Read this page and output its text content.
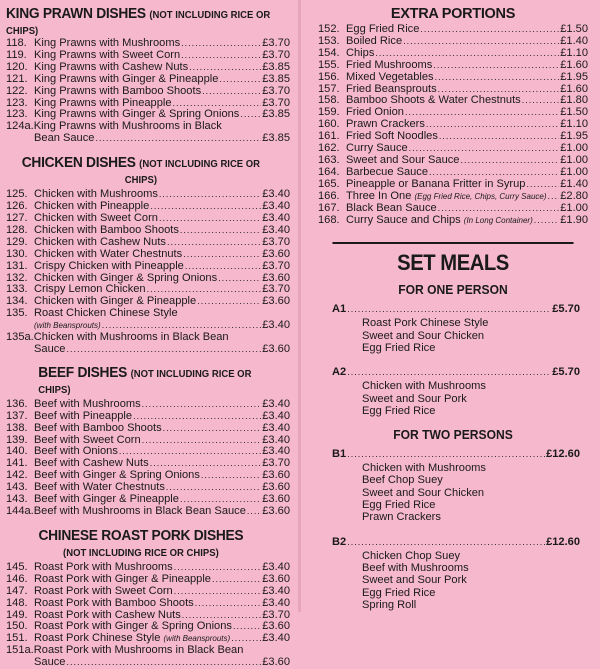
KING PRAWN DISHES (NOT INCLUDING RICE OR CHIPS)
118. King Prawns with Mushrooms .....	£3.70
119. King Prawns with Sweet Corn .....	£3.70
120. King Prawns with Cashew Nuts .....	£3.85
121. King Prawns with Ginger & Pineapple .....	£3.85
122. King Prawns with Bamboo Shoots .....	£3.70
123. King Prawns with Pineapple .....	£3.70
123. King Prawns with Ginger & Spring Onions ..... £3.85
124a.King Prawns with Mushrooms in Black
Bean Sauce .....	£3.85
CHICKEN DISHES (NOT INCLUDING RICE OR CHIPS)
125. Chicken with Mushrooms .....	£3.40
126. Chicken with Pineapple .....	£3.40
127. Chicken with Sweet Corn .....	£3.40
128. Chicken with Bamboo Shoots .....	£3.40
129. Chicken with Cashew Nuts .....	£3.70
130. Chicken with Water Chestnuts .....	£3.60
131. Crispy Chicken with Pineapple .....	£3.70
132. Chicken with Ginger & Spring Onions .....	£3.60
133. Crispy Lemon Chicken .....	£3.70
134. Chicken with Ginger & Pineapple .....	£3.60
135. Roast Chicken Chinese Style
(with Beansprouts) .....	£3.40
135a.Chicken with Mushrooms in Black Bean
Sauce .....	£3.60
BEEF DISHES (NOT INCLUDING RICE OR CHIPS)
136. Beef with Mushrooms .....	£3.40
137. Beef with Pineapple .....	£3.40
138. Beef with Bamboo Shoots .....	£3.40
139. Beef with Sweet Corn .....	£3.40
140. Beef with Onions .....	£3.40
141. Beef with Cashew Nuts .....	£3.70
142. Beef with Ginger & Spring Onions .....	£3.60
143. Beef with Water Chestnuts .....	£3.60
143. Beef with Ginger & Pineapple .....	£3.60
144a.Beef with Mushrooms in Black Bean Sauce ..... £3.60
CHINESE ROAST PORK DISHES
(NOT INCLUDING RICE OR CHIPS)
145. Roast Pork with Mushrooms .....	£3.40
146. Roast Pork with Ginger & Pineapple .....	£3.60
147. Roast Pork with Sweet Corn .....	£3.40
148. Roast Pork with Bamboo Shoots .....	£3.40
149. Roast Pork with Cashew Nuts .....	£3.70
150. Roast Pork with Ginger & Spring Onions .....	£3.60
151. Roast Pork Chinese Style
(with Beansprouts) .....	£3.40
151a.Roast Pork with Mushrooms in Black Bean
Sauce .....	£3.60
EXTRA PORTIONS
152. Egg Fried Rice .....	£1.50
153. Boiled Rice .....	£1.40
154. Chips .....	£1.10
155. Fried Mushrooms .....	£1.60
156. Mixed Vegetables .....	£1.95
157. Fried Beansprouts .....	£1.60
158. Bamboo Shoots & Water Chestnuts .....	£1.80
159. Fried Onion .....	£1.50
160. Prawn Crackers .....	£1.10
161. Fried Soft Noodles .....	£1.95
162. Curry Sauce .....	£1.00
163. Sweet and Sour Sauce .....	£1.00
164. Barbecue Sauce .....	£1.00
165. Pineapple or Banana Fritter in Syrup .....	£1.40
166. Three In One
(Egg Fried Rice, Chips, Curry Sauce) ..... £2.80
167. Black Bean Sauce .....	£1.00
168. Curry Sauce and Chips
(In Long Container) ..... £1.90
SET MEALS
FOR ONE PERSON
A1 .....	£5.70
Roast Pork Chinese Style
Sweet and Sour Chicken
Egg Fried Rice
A2 .....	£5.70
Chicken with Mushrooms
Sweet and Sour Pork
Egg Fried Rice
FOR TWO PERSONS
B1 .....	£12.60
Chicken with Mushrooms
Beef Chop Suey
Sweet and Sour Chicken
Egg Fried Rice
Prawn Crackers
B2 .....	£12.60
Chicken Chop Suey
Beef with Mushrooms
Sweet and Sour Pork
Egg Fried Rice
Spring Roll
